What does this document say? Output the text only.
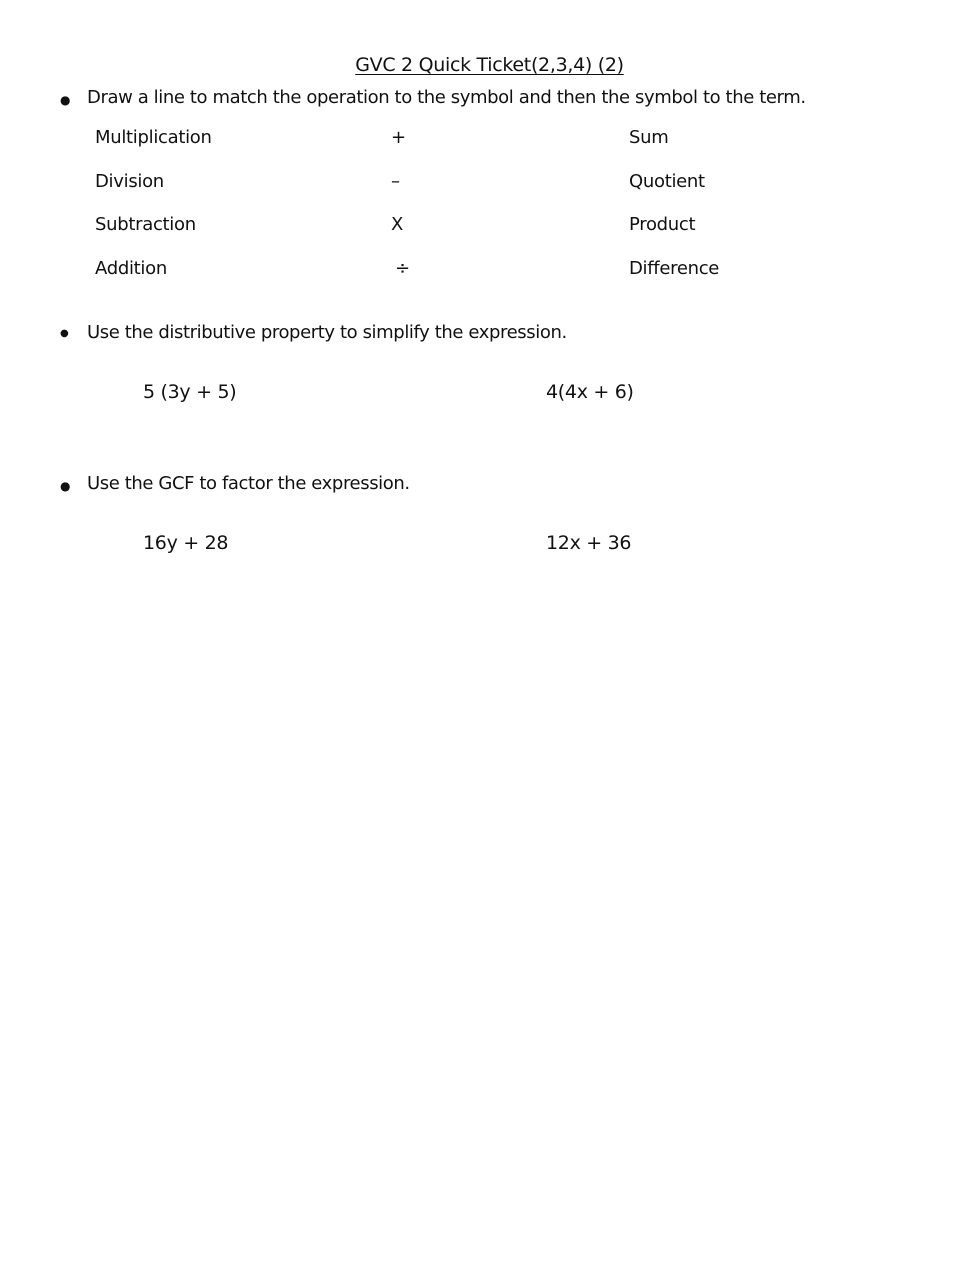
GVC 2 Quick Ticket(2,3,4) (2)
● Draw a line to match the operation to the symbol and then the symbol to the term.
Multiplication	+	Sum
Division	–	Quotient
Subtraction	X	Product
Addition	÷	Difference
● Use the distributive property to simplify the expression.
5 (3y + 5)	4(4x + 6)
● Use the GCF to factor the expression.
16y + 28	12x + 36
